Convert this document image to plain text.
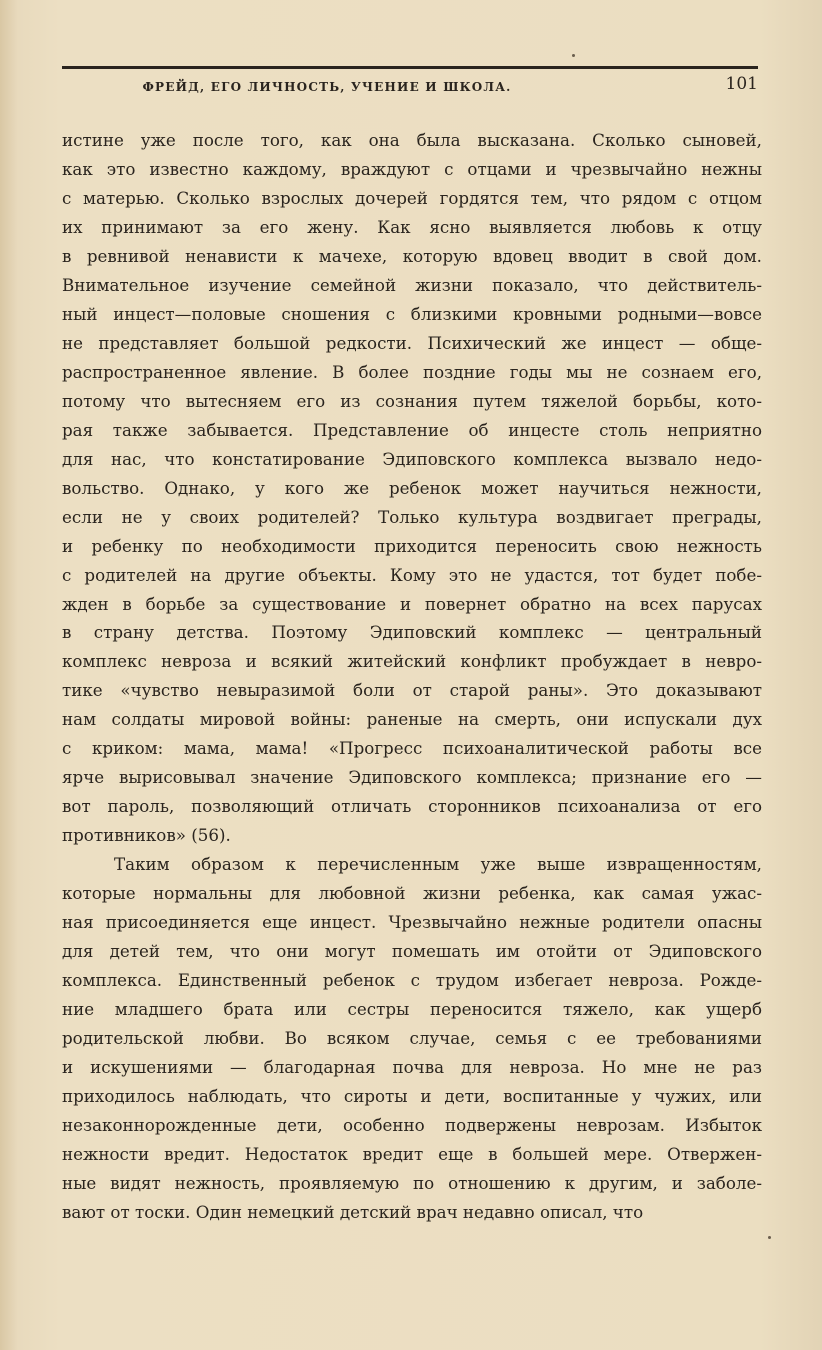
ФРЕЙД, ЕГО ЛИЧНОСТЬ, УЧЕНИЕ И ШКОЛА.	101
истине уже после того, как она была высказана. Сколько сыновей,
как это известно каждому, враждуют с отцами и чрезвычайно нежны
с матерью. Сколько взрослых дочерей гордятся тем, что рядом с отцом
их принимают за его жену. Как ясно выявляется любовь к отцу
в ревнивой ненависти к мачехе, которую вдовец вводит в свой дом.
Внимательное изучение семейной жизни показало, что действитель-
ный инцест—половые сношения с близкими кровными родными—вовсе
не представляет большой редкости. Психический же инцест — обще-
распространенное явление. В более поздние годы мы не сознаем его,
потому что вытесняем его из сознания путем тяжелой борьбы, кото-
рая также забывается. Представление об инцесте столь неприятно
для нас, что констатирование Эдиповского комплекса вызвало недо-
вольство. Однако, у кого же ребенок может научиться нежности,
если не у своих родителей? Только культура воздвигает преграды,
и ребенку по необходимости приходится переносить свою нежность
с родителей на другие объекты. Кому это не удастся, тот будет побе-
жден в борьбе за существование и повернет обратно на всех парусах
в страну детства. Поэтому Эдиповский комплекс — центральный
комплекс невроза и всякий житейский конфликт пробуждает в невро-
тике «чувство невыразимой боли от старой раны». Это доказывают
нам солдаты мировой войны: раненые на смерть, они испускали дух
с криком: мама, мама! «Прогресс психоаналитической работы все
ярче вырисовывал значение Эдиповского комплекса; признание его —
вот пароль, позволяющий отличать сторонников психоанализа от его
противников» (56).
Таким образом к перечисленным уже выше извращенностям,
которые нормальны для любовной жизни ребенка, как самая ужас-
ная присоединяется еще инцест. Чрезвычайно нежные родители опасны
для детей тем, что они могут помешать им отойти от Эдиповского
комплекса. Единственный ребенок с трудом избегает невроза. Рожде-
ние младшего брата или сестры переносится тяжело, как ущерб
родительской любви. Во всяком случае, семья с ее требованиями
и искушениями — благодарная почва для невроза. Но мне не раз
приходилось наблюдать, что сироты и дети, воспитанные у чужих, или
незаконнорожденные дети, особенно подвержены неврозам. Избыток
нежности вредит. Недостаток вредит еще в большей мере. Отвержен-
ные видят нежность, проявляемую по отношению к другим, и заболе-
вают от тоски. Один немецкий детский врач недавно описал, что
